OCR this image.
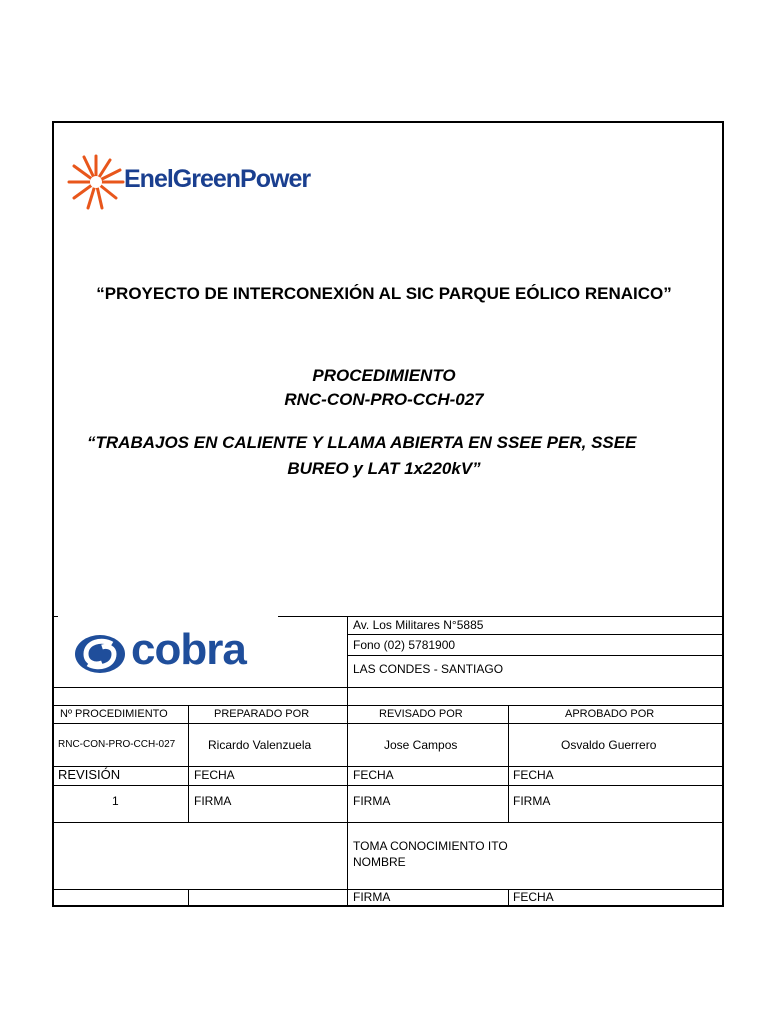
EnelGreenPower
“PROYECTO DE INTERCONEXIÓN AL SIC PARQUE EÓLICO RENAICO”
PROCEDIMIENTO
RNC-CON-PRO-CCH-027
“TRABAJOS EN CALIENTE Y LLAMA ABIERTA EN SSEE PER, SSEE
BUREO y LAT 1x220kV”
cobra	Av. Los Militares N°5885
Fono (02) 5781900
LAS CONDES - SANTIAGO
Nº PROCEDIMIENTO	PREPARADO POR	REVISADO POR	APROBADO POR
RNC-CON-PRO-CCH-027	Ricardo Valenzuela	Jose Campos	Osvaldo Guerrero
REVISIÓN	FECHA	FECHA	FECHA
1	FIRMA	FIRMA	FIRMA
TOMA CONOCIMIENTO ITO
NOMBRE
FIRMA	FECHA
